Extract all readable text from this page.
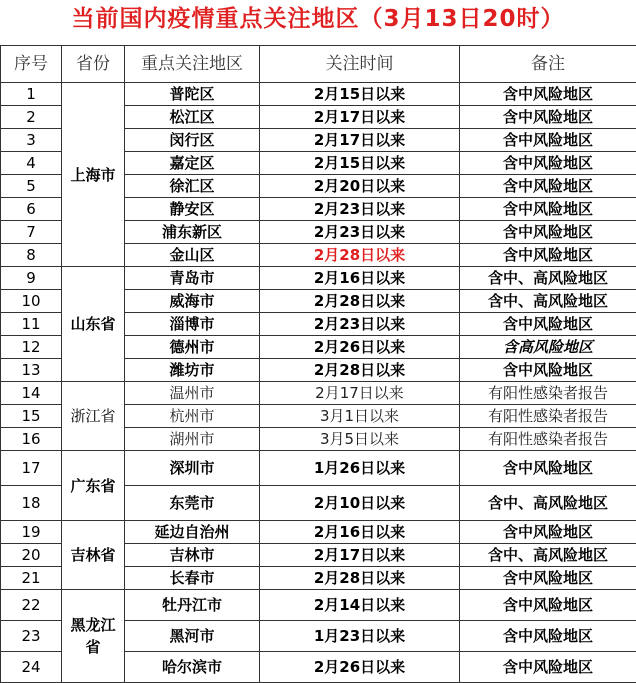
当前国内疫情重点关注地区（3月13日20时）
序号	省份	重点关注地区	关注时间	备注
1	上海市	普陀区	2月15日以来	含中风险地区
2		松江区	2月17日以来	含中风险地区
3		闵行区	2月17日以来	含中风险地区
4		嘉定区	2月15日以来	含中风险地区
5		徐汇区	2月20日以来	含中风险地区
6		静安区	2月23日以来	含中风险地区
7		浦东新区	2月23日以来	含中风险地区
8		金山区	2月28日以来	含中风险地区
9	山东省	青岛市	2月16日以来	含中、高风险地区
10		威海市	2月28日以来	含中、高风险地区
11		淄博市	2月23日以来	含中风险地区
12		德州市	2月26日以来	含高风险地区
13		潍坊市	2月28日以来	含中风险地区
14	浙江省	温州市	2月17日以来	有阳性感染者报告
15		杭州市	3月1日以来	有阳性感染者报告
16		湖州市	3月5日以来	有阳性感染者报告
17	广东省	深圳市	1月26日以来	含中风险地区
18		东莞市	2月10日以来	含中、高风险地区
19	吉林省	延边自治州	2月16日以来	含中风险地区
20		吉林市	2月17日以来	含中、高风险地区
21		长春市	2月28日以来	含中风险地区
22	黑龙江省	牡丹江市	2月14日以来	含中风险地区
23		黑河市	1月23日以来	含中风险地区
24		哈尔滨市	2月26日以来	含中风险地区
